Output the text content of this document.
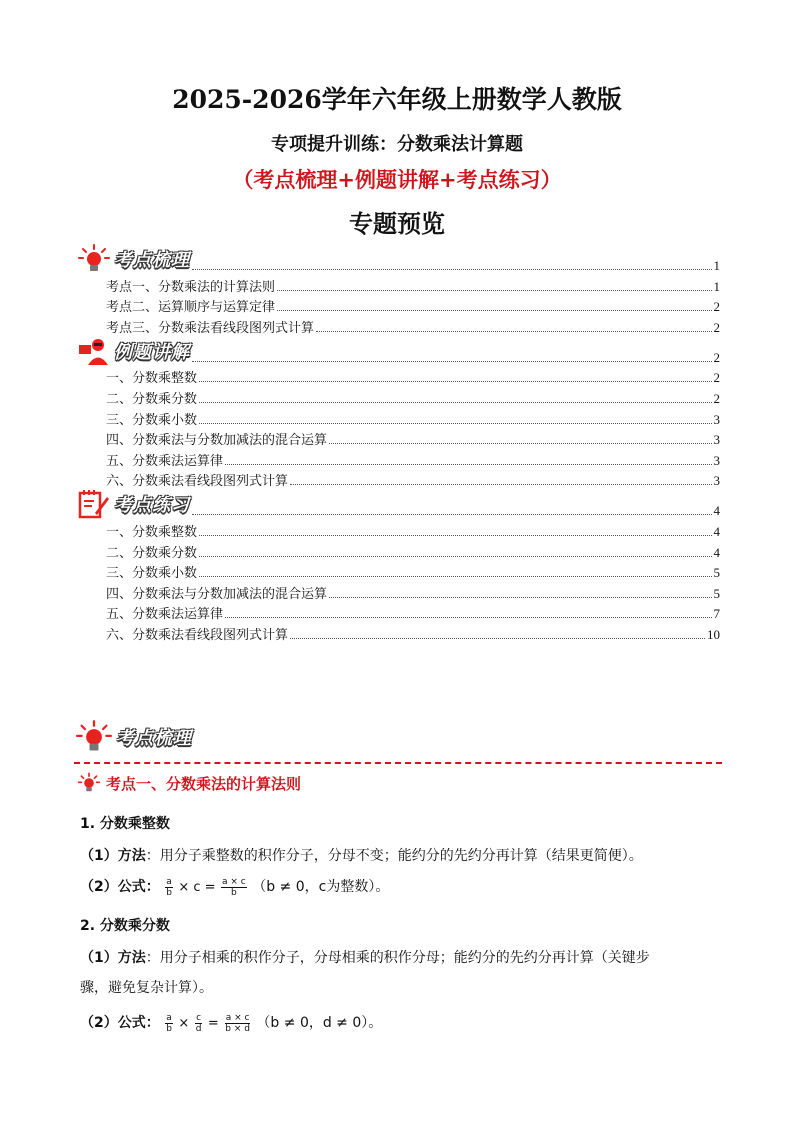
2025-2026学年六年级上册数学人教版
专项提升训练：分数乘法计算题
（考点梳理+例题讲解+考点练习）
专题预览
考点梳理	1
考点一、分数乘法的计算法则	1
考点二、运算顺序与运算定律	2
考点三、分数乘法看线段图列式计算	2
例题讲解	2
一、分数乘整数	2
二、分数乘分数	2
三、分数乘小数	3
四、分数乘法与分数加减法的混合运算	3
五、分数乘法运算律	3
六、分数乘法看线段图列式计算	3
考点练习	4
一、分数乘整数	4
二、分数乘分数	4
三、分数乘小数	5
四、分数乘法与分数加减法的混合运算	5
五、分数乘法运算律	7
六、分数乘法看线段图列式计算	10
考点梳理
考点一、分数乘法的计算法则
1. 分数乘整数
（1）方法：用分子乘整数的积作分子，分母不变；能约分的先约分再计算（结果更简便）。
（2）公式： $\frac{a}{b} \times c = \frac{a \times c}{b} (b \ne 0$，c为整数）。
2. 分数乘分数
（1）方法：用分子相乘的积作分子，分母相乘的积作分母；能约分的先约分再计算（关键步
骤，避免复杂计算）。
（2）公式： $\frac{a}{b} \times \frac{c}{d} = \frac{a \times c}{b \times d} (b \ne 0$，d ≠ 0）。
